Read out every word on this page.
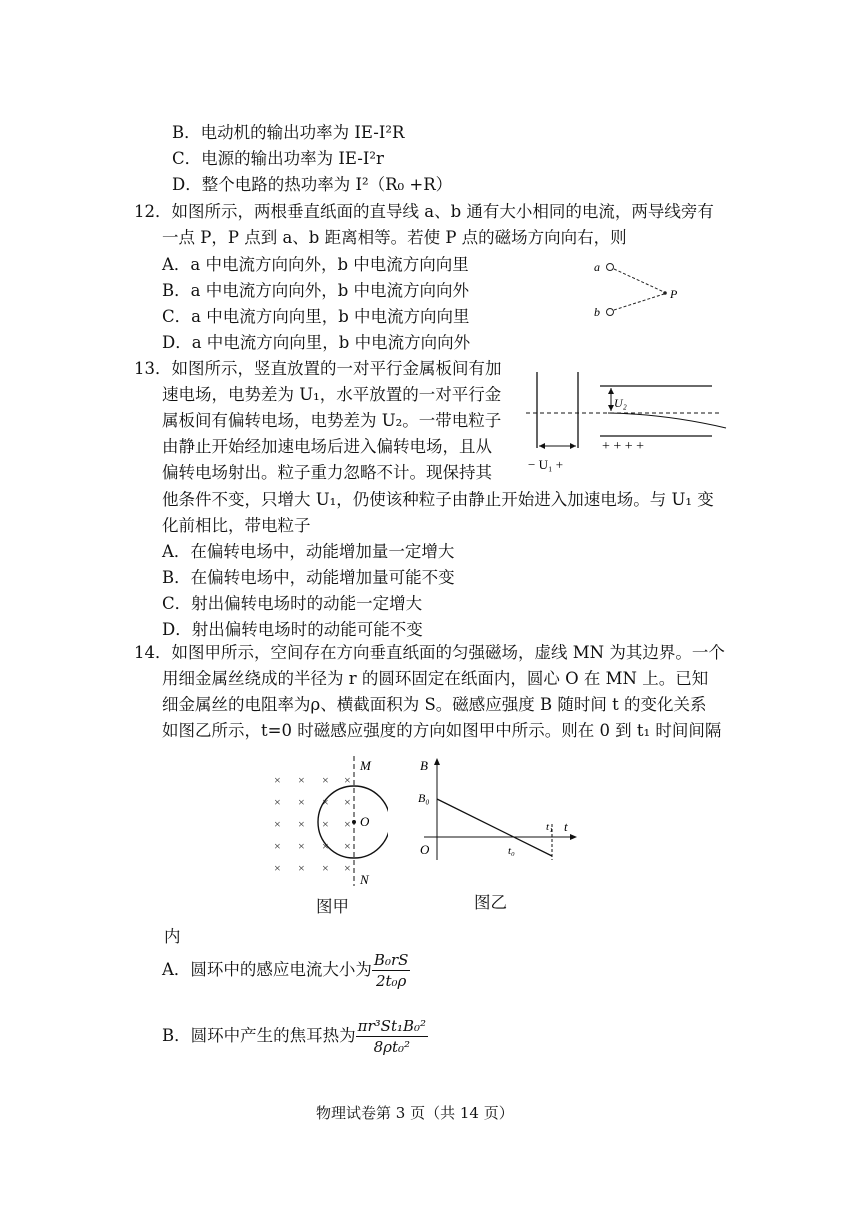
B．电动机的输出功率为 IE-I²R
C．电源的输出功率为 IE-I²r
D．整个电路的热功率为 I²（R₀ +R）
12．如图所示，两根垂直纸面的直导线 a、b 通有大小相同的电流，两导线旁有
一点 P，P 点到 a、b 距离相等。若使 P 点的磁场方向向右，则
A．a 中电流方向向外，b 中电流方向向里
B．a 中电流方向向外，b 中电流方向向外
C．a 中电流方向向里，b 中电流方向向里
D．a 中电流方向向里，b 中电流方向向外
a
b
P
13．如图所示，竖直放置的一对平行金属板间有加
速电场，电势差为 U₁，水平放置的一对平行金
属板间有偏转电场，电势差为 U₂。一带电粒子
由静止开始经加速电场后进入偏转电场，且从
偏转电场射出。粒子重力忽略不计。现保持其
他条件不变，只增大 U₁，仍使该种粒子由静止开始进入加速电场。与 U₁ 变
化前相比，带电粒子
A．在偏转电场中，动能增加量一定增大
B．在偏转电场中，动能增加量可能不变
C．射出偏转电场时的动能一定增大
D．射出偏转电场时的动能可能不变
U₂
+ + + +
− U₁ +
14．如图甲所示，空间存在方向垂直纸面的匀强磁场，虚线 MN 为其边界。一个
用细金属丝绕成的半径为 r 的圆环固定在纸面内，圆心 O 在 MN 上。已知
细金属丝的电阻率为ρ、横截面积为 S。磁感应强度 B 随时间 t 的变化关系
如图乙所示，t=0 时磁感应强度的方向如图甲中所示。则在 0 到 t₁ 时间间隔
× × × ×
× × × ×
× × × ×
× × × ×
× × × ×
M
O
N
B
B₀
O
t
t₀
t₁
图甲	图乙
内
A．圆环中的感应电流大小为 $\frac{\text{B₀rS}}{\text{2t₀ρ}}$
B．圆环中产生的焦耳热为 $\frac{\text{πr³St₁B₀²}}{\text{8ρt₀²}}$
物理试卷第 3 页（共 14 页）
